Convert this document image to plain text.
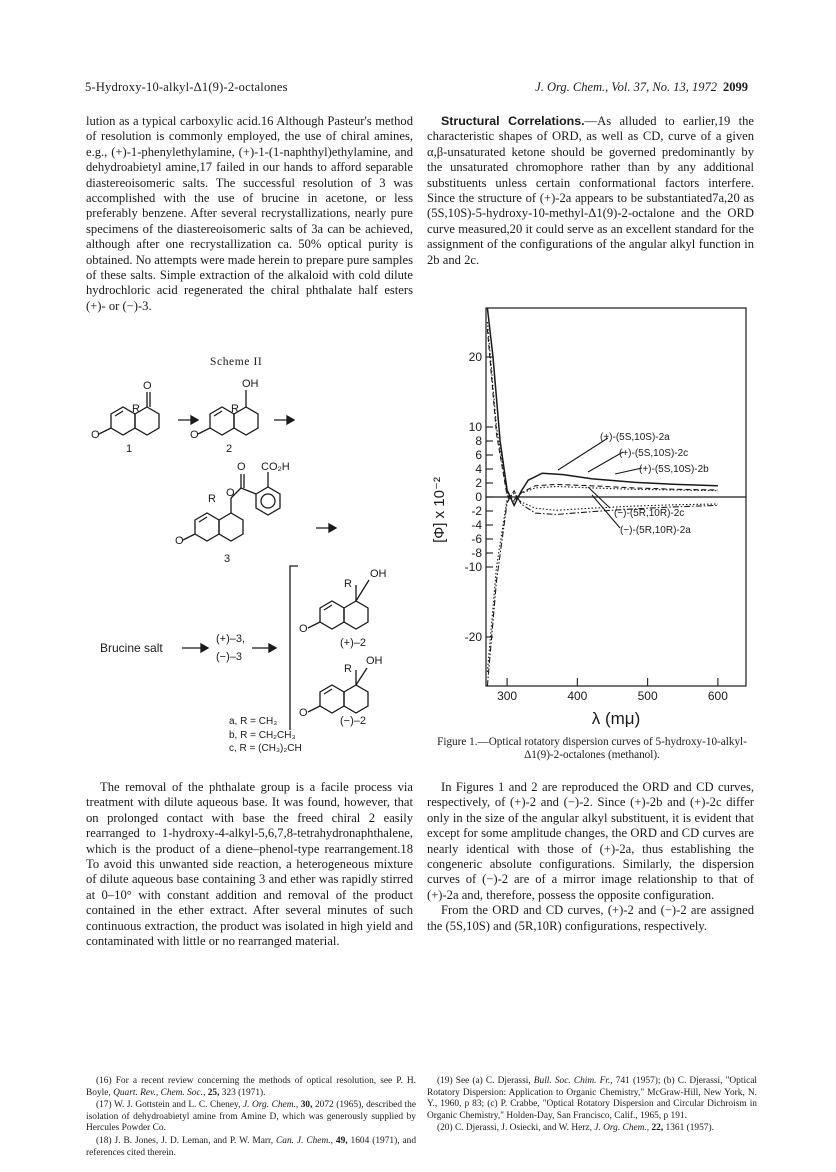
5-Hydroxy-10-alkyl-Δ1(9)-2-octalones	J. Org. Chem., Vol. 37, No. 13, 1972 2099

lution as a typical carboxylic acid.16 Although Pasteur's method of resolution is commonly employed, the use of chiral amines, e.g., (+)-1-phenylethylamine, (+)-1-(1-naphthyl)ethylamine, and dehydroabietyl amine,17 failed in our hands to afford separable diastereoisomeric salts. The successful resolution of 3 was accomplished with the use of brucine in acetone, or less preferably benzene. After several recrystallizations, nearly pure specimens of the diastereoisomeric salts of 3a can be achieved, although after one recrystallization ca. 50% optical purity is obtained. No attempts were made herein to prepare pure samples of these salts. Simple extraction of the alkaloid with cold dilute hydrochloric acid regenerated the chiral phthalate half esters (+)- or (−)-3.

Scheme II
O
R
O
1
O
R
OH
2
O
R O
O CO₂H
3
Brucine salt
(+)–3,
(−)–3
O
R
OH
(+)–2
O
R
OH
a, R = CH₃	(−)–2
b, R = CH₂CH₃
c, R = (CH₃)₂CH

The removal of the phthalate group is a facile process via treatment with dilute aqueous base. It was found, however, that on prolonged contact with base the freed chiral 2 easily rearranged to 1-hydroxy-4-alkyl-5,6,7,8-tetrahydronaphthalene, which is the product of a diene–phenol-type rearrangement.18 To avoid this unwanted side reaction, a heterogeneous mixture of dilute aqueous base containing 3 and ether was rapidly stirred at 0–10° with constant addition and removal of the product contained in the ether extract. After several minutes of such continuous extraction, the product was isolated in high yield and contaminated with little or no rearranged material.

Structural Correlations.—As alluded to earlier,19 the characteristic shapes of ORD, as well as CD, curve of a given α,β-unsaturated ketone should be governed predominantly by the unsaturated chromophore rather than by any additional substituents unless certain conformational factors interfere. Since the structure of (+)-2a appears to be substantiated7a,20 as (5S,10S)-5-hydroxy-10-methyl-Δ1(9)-2-octalone and the ORD curve measured,20 it could serve as an excellent standard for the assignment of the configurations of the angular alkyl function in 2b and 2c.

20
10
8
6
4
2
0
-2
-4
-6
-8
-10
-20
300	400	500	600
(+)-(5S,10S)-2a
(+)-(5S,10S)-2c
(+)-(5S,10S)-2b
(−)-(5R,10R)-2c
(−)-(5R,10R)-2a
[Φ] x 10⁻²
λ (mμ)
Figure 1.—Optical rotatory dispersion curves of 5-hydroxy-10-alkyl-Δ1(9)-2-octalones (methanol).

In Figures 1 and 2 are reproduced the ORD and CD curves, respectively, of (+)-2 and (−)-2. Since (+)-2b and (+)-2c differ only in the size of the angular alkyl substituent, it is evident that except for some amplitude changes, the ORD and CD curves are nearly identical with those of (+)-2a, thus establishing the congeneric absolute configurations. Similarly, the dispersion curves of (−)-2 are of a mirror image relationship to that of (+)-2a and, therefore, possess the opposite configuration.

From the ORD and CD curves, (+)-2 and (−)-2 are assigned the (5S,10S) and (5R,10R) configurations, respectively.

(16) For a recent review concerning the methods of optical resolution, see P. H. Boyle, Quart. Rev., Chem. Soc., 25, 323 (1971).

(17) W. J. Gottstein and L. C. Cheney, J. Org. Chem., 30, 2072 (1965), described the isolation of dehydroabietyl amine from Amine D, which was generously supplied by Hercules Powder Co.

(18) J. B. Jones, J. D. Leman, and P. W. Marr, Can. J. Chem., 49, 1604 (1971), and references cited therein.

(19) See (a) C. Djerassi, Bull. Soc. Chim. Fr., 741 (1957); (b) C. Djerassi, "Optical Rotatory Dispersion: Application to Organic Chemistry," McGraw-Hill, New York, N. Y., 1960, p 83; (c) P. Crabbe, "Optical Rotatory Dispersion and Circular Dichroism in Organic Chemistry," Holden-Day, San Francisco, Calif., 1965, p 191.

(20) C. Djerassi, J. Osiecki, and W. Herz, J. Org. Chem., 22, 1361 (1957).
